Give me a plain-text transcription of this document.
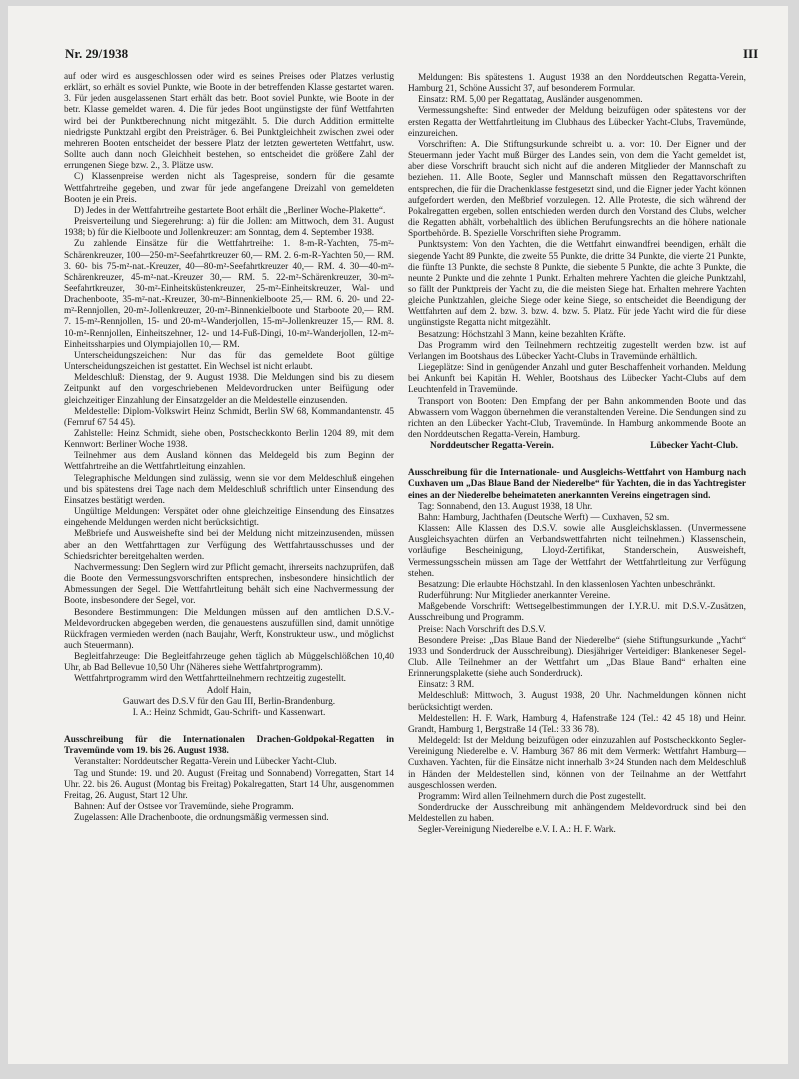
Nr. 29/1938	III

auf oder wird es ausgeschlossen oder wird es seines Preises oder Platzes verlustig erklärt, so erhält es soviel Punkte, wie Boote in der betreffenden Klasse gestartet waren. 3. Für jeden ausgelassenen Start erhält das betr. Boot soviel Punkte, wie Boote in der betr. Klasse gemeldet waren. 4. Die für jedes Boot ungünstigste der fünf Wettfahrten wird bei der Punktberechnung nicht mitgezählt. 5. Die durch Addition ermittelte niedrigste Punktzahl ergibt den Preisträger. 6. Bei Punktgleichheit zwischen zwei oder mehreren Booten entscheidet der bessere Platz der letzten gewerteten Wettfahrt, usw. Sollte auch dann noch Gleichheit bestehen, so entscheidet die größere Zahl der errungenen Siege bzw. 2., 3. Plätze usw.

C) Klassenpreise werden nicht als Tagespreise, sondern für die gesamte Wettfahrtreihe gegeben, und zwar für jede angefangene Dreizahl von gemeldeten Booten je ein Preis.

D) Jedes in der Wettfahrtreihe gestartete Boot erhält die „Berliner Woche-Plakette“.

Preisverteilung und Siegerehrung: a) für die Jollen: am Mittwoch, dem 31. August 1938; b) für die Kielboote und Jollenkreuzer: am Sonntag, dem 4. September 1938.

Zu zahlende Einsätze für die Wettfahrtreihe: 1. 8-m-R-Yachten, 75-m²-Schärenkreuzer, 100—250-m²-Seefahrtkreuzer 60,— RM. 2. 6-m-R-Yachten 50,— RM. 3. 60- bis 75-m²-nat.-Kreuzer, 40—80-m²-Seefahrtkreuzer 40,— RM. 4. 30—40-m²-Schärenkreuzer, 45-m²-nat.-Kreuzer 30,— RM. 5. 22-m²-Schärenkreuzer, 30-m²-Seefahrtkreuzer, 30-m²-Einheitsküstenkreuzer, 25-m²-Einheitskreuzer, Wal- und Drachenboote, 35-m²-nat.-Kreuzer, 30-m²-Binnenkielboote 25,— RM. 6. 20- und 22-m²-Rennjollen, 20-m²-Jollenkreuzer, 20-m²-Binnenkielboote und Starboote 20,— RM. 7. 15-m²-Rennjollen, 15- und 20-m²-Wanderjollen, 15-m²-Jollenkreuzer 15,— RM. 8. 10-m²-Rennjollen, Einheitszehner, 12- und 14-Fuß-Dingi, 10-m²-Wanderjollen, 12-m²-Einheitssharpies und Olympiajollen 10,— RM.

Unterscheidungszeichen: Nur das für das gemeldete Boot gültige Unterscheidungszeichen ist gestattet. Ein Wechsel ist nicht erlaubt.

Meldeschluß: Dienstag, der 9. August 1938. Die Meldungen sind bis zu diesem Zeitpunkt auf den vorgeschriebenen Meldevordrucken unter Beifügung oder gleichzeitiger Einzahlung der Einsatzgelder an die Meldestelle einzusenden.

Meldestelle: Diplom-Volkswirt Heinz Schmidt, Berlin SW 68, Kommandantenstr. 45 (Fernruf 67 54 45).

Zahlstelle: Heinz Schmidt, siehe oben, Postscheckkonto Berlin 1204 89, mit dem Kennwort: Berliner Woche 1938.

Teilnehmer aus dem Ausland können das Meldegeld bis zum Beginn der Wettfahrtreihe an die Wettfahrtleitung einzahlen.

Telegraphische Meldungen sind zulässig, wenn sie vor dem Meldeschluß eingehen und bis spätestens drei Tage nach dem Meldeschluß schriftlich unter Einsendung des Einsatzes bestätigt werden.

Ungültige Meldungen: Verspätet oder ohne gleichzeitige Einsendung des Einsatzes eingehende Meldungen werden nicht berücksichtigt.

Meßbriefe und Ausweishefte sind bei der Meldung nicht mitzeinzusenden, müssen aber an den Wettfahrttagen zur Verfügung des Wettfahrtausschusses und der Schiedsrichter bereitgehalten werden.

Nachvermessung: Den Seglern wird zur Pflicht gemacht, ihrerseits nachzuprüfen, daß die Boote den Vermessungsvorschriften entsprechen, insbesondere hinsichtlich der Abmessungen der Segel. Die Wettfahrtleitung behält sich eine Nachvermessung der Boote, insbesondere der Segel, vor.

Besondere Bestimmungen: Die Meldungen müssen auf den amtlichen D.S.V.-Meldevordrucken abgegeben werden, die genauestens auszufüllen sind, damit unnötige Rückfragen vermieden werden (nach Baujahr, Werft, Konstrukteur usw., und möglichst auch Steuermann).

Begleitfahrzeuge: Die Begleitfahrzeuge gehen täglich ab Müggelschlößchen 10,40 Uhr, ab Bad Bellevue 10,50 Uhr (Näheres siehe Wettfahrtprogramm).

Wettfahrtprogramm wird den Wettfahrtteilnehmern rechtzeitig zugestellt.

Adolf Hain,

Gauwart des D.S.V für den Gau III, Berlin-Brandenburg.

I. A.: Heinz Schmidt, Gau-Schrift- und Kassenwart.

Ausschreibung für die Internationalen Drachen-Goldpokal-Regatten in Travemünde vom 19. bis 26. August 1938.

Veranstalter: Norddeutscher Regatta-Verein und Lübecker Yacht-Club.

Tag und Stunde: 19. und 20. August (Freitag und Sonnabend) Vorregatten, Start 14 Uhr. 22. bis 26. August (Montag bis Freitag) Pokalregatten, Start 14 Uhr, ausgenommen Freitag, 26. August, Start 12 Uhr.

Bahnen: Auf der Ostsee vor Travemünde, siehe Programm.

Zugelassen: Alle Drachenboote, die ordnungsmäßig vermessen sind.

Meldungen: Bis spätestens 1. August 1938 an den Norddeutschen Regatta-Verein, Hamburg 21, Schöne Aussicht 37, auf besonderem Formular.

Einsatz: RM. 5,00 per Regattatag, Ausländer ausgenommen.

Vermessungshefte: Sind entweder der Meldung beizufügen oder spätestens vor der ersten Regatta der Wettfahrtleitung im Clubhaus des Lübecker Yacht-Clubs, Travemünde, einzureichen.

Vorschriften: A. Die Stiftungsurkunde schreibt u. a. vor: 10. Der Eigner und der Steuermann jeder Yacht muß Bürger des Landes sein, von dem die Yacht gemeldet ist, aber diese Vorschrift braucht sich nicht auf die anderen Mitglieder der Mannschaft zu beziehen. 11. Alle Boote, Segler und Mannschaft müssen den Regattavorschriften entsprechen, die für die Drachenklasse festgesetzt sind, und die Eigner jeder Yacht können aufgefordert werden, den Meßbrief vorzulegen. 12. Alle Proteste, die sich während der Pokalregatten ergeben, sollen entschieden werden durch den Vorstand des Clubs, welcher die Regatten abhält, vorbehaltlich des üblichen Berufungsrechts an die höhere nationale Sportbehörde. B. Spezielle Vorschriften siehe Programm.

Punktsystem: Von den Yachten, die die Wettfahrt einwandfrei beendigen, erhält die siegende Yacht 89 Punkte, die zweite 55 Punkte, die dritte 34 Punkte, die vierte 21 Punkte, die fünfte 13 Punkte, die sechste 8 Punkte, die siebente 5 Punkte, die achte 3 Punkte, die neunte 2 Punkte und die zehnte 1 Punkt. Erhalten mehrere Yachten die gleiche Punktzahl, so fällt der Punktpreis der Yacht zu, die die meisten Siege hat. Erhalten mehrere Yachten gleiche Punktzahlen, gleiche Siege oder keine Siege, so entscheidet die Beendigung der Wettfahrten auf dem 2. bzw. 3. bzw. 4. bzw. 5. Platz. Für jede Yacht wird die für diese ungünstigste Regatta nicht mitgezählt.

Besatzung: Höchstzahl 3 Mann, keine bezahlten Kräfte.

Das Programm wird den Teilnehmern rechtzeitig zugestellt werden bzw. ist auf Verlangen im Bootshaus des Lübecker Yacht-Clubs in Travemünde erhältlich.

Liegeplätze: Sind in genügender Anzahl und guter Beschaffenheit vorhanden. Meldung bei Ankunft bei Kapitän H. Wehler, Bootshaus des Lübecker Yacht-Clubs auf dem Leuchtenfeld in Travemünde.

Transport von Booten: Den Empfang der per Bahn ankommenden Boote und das Abwassern vom Waggon übernehmen die veranstaltenden Vereine. Die Sendungen sind zu richten an den Lübecker Yacht-Club, Travemünde. In Hamburg ankommende Boote an den Norddeutschen Regatta-Verein, Hamburg.

Norddeutscher Regatta-Verein.	Lübecker Yacht-Club.

Ausschreibung für die Internationale- und Ausgleichs-Wettfahrt von Hamburg nach Cuxhaven um „Das Blaue Band der Niederelbe“ für Yachten, die in das Yachtregister eines an der Niederelbe beheimateten anerkannten Vereins eingetragen sind.

Tag: Sonnabend, den 13. August 1938, 18 Uhr.

Bahn: Hamburg, Jachthafen (Deutsche Werft) — Cuxhaven, 52 sm.

Klassen: Alle Klassen des D.S.V. sowie alle Ausgleichsklassen. (Unvermessene Ausgleichsyachten dürfen an Verbandswettfahrten nicht teilnehmen.) Klassenschein, vorläufige Bescheinigung, Lloyd-Zertifikat, Standerschein, Ausweisheft, Vermessungsschein müssen am Tage der Wettfahrt der Wettfahrtleitung zur Verfügung stehen.

Besatzung: Die erlaubte Höchstzahl. In den klassenlosen Yachten unbeschränkt.

Ruderführung: Nur Mitglieder anerkannter Vereine.

Maßgebende Vorschrift: Wettsegelbestimmungen der I.Y.R.U. mit D.S.V.-Zusätzen, Ausschreibung und Programm.

Preise: Nach Vorschrift des D.S.V.

Besondere Preise: „Das Blaue Band der Niederelbe“ (siehe Stiftungsurkunde „Yacht“ 1933 und Sonderdruck der Ausschreibung). Diesjähriger Verteidiger: Blankeneser Segel-Club. Alle Teilnehmer an der Wettfahrt um „Das Blaue Band“ erhalten eine Erinnerungsplakette (siehe auch Sonderdruck).

Einsatz: 3 RM.

Meldeschluß: Mittwoch, 3. August 1938, 20 Uhr. Nachmeldungen können nicht berücksichtigt werden.

Meldestellen: H. F. Wark, Hamburg 4, Hafenstraße 124 (Tel.: 42 45 18) und Heinr. Grandt, Hamburg 1, Bergstraße 14 (Tel.: 33 36 78).

Meldegeld: Ist der Meldung beizufügen oder einzuzahlen auf Postscheckkonto Segler-Vereinigung Niederelbe e. V. Hamburg 367 86 mit dem Vermerk: Wettfahrt Hamburg—Cuxhaven. Yachten, für die Einsätze nicht innerhalb 3×24 Stunden nach dem Meldeschluß in Händen der Meldestellen sind, können von der Teilnahme an der Wettfahrt ausgeschlossen werden.

Programm: Wird allen Teilnehmern durch die Post zugestellt.

Sonderdrucke der Ausschreibung mit anhängendem Meldevordruck sind bei den Meldestellen zu haben.

Segler-Vereinigung Niederelbe e.V. I. A.: H. F. Wark.
